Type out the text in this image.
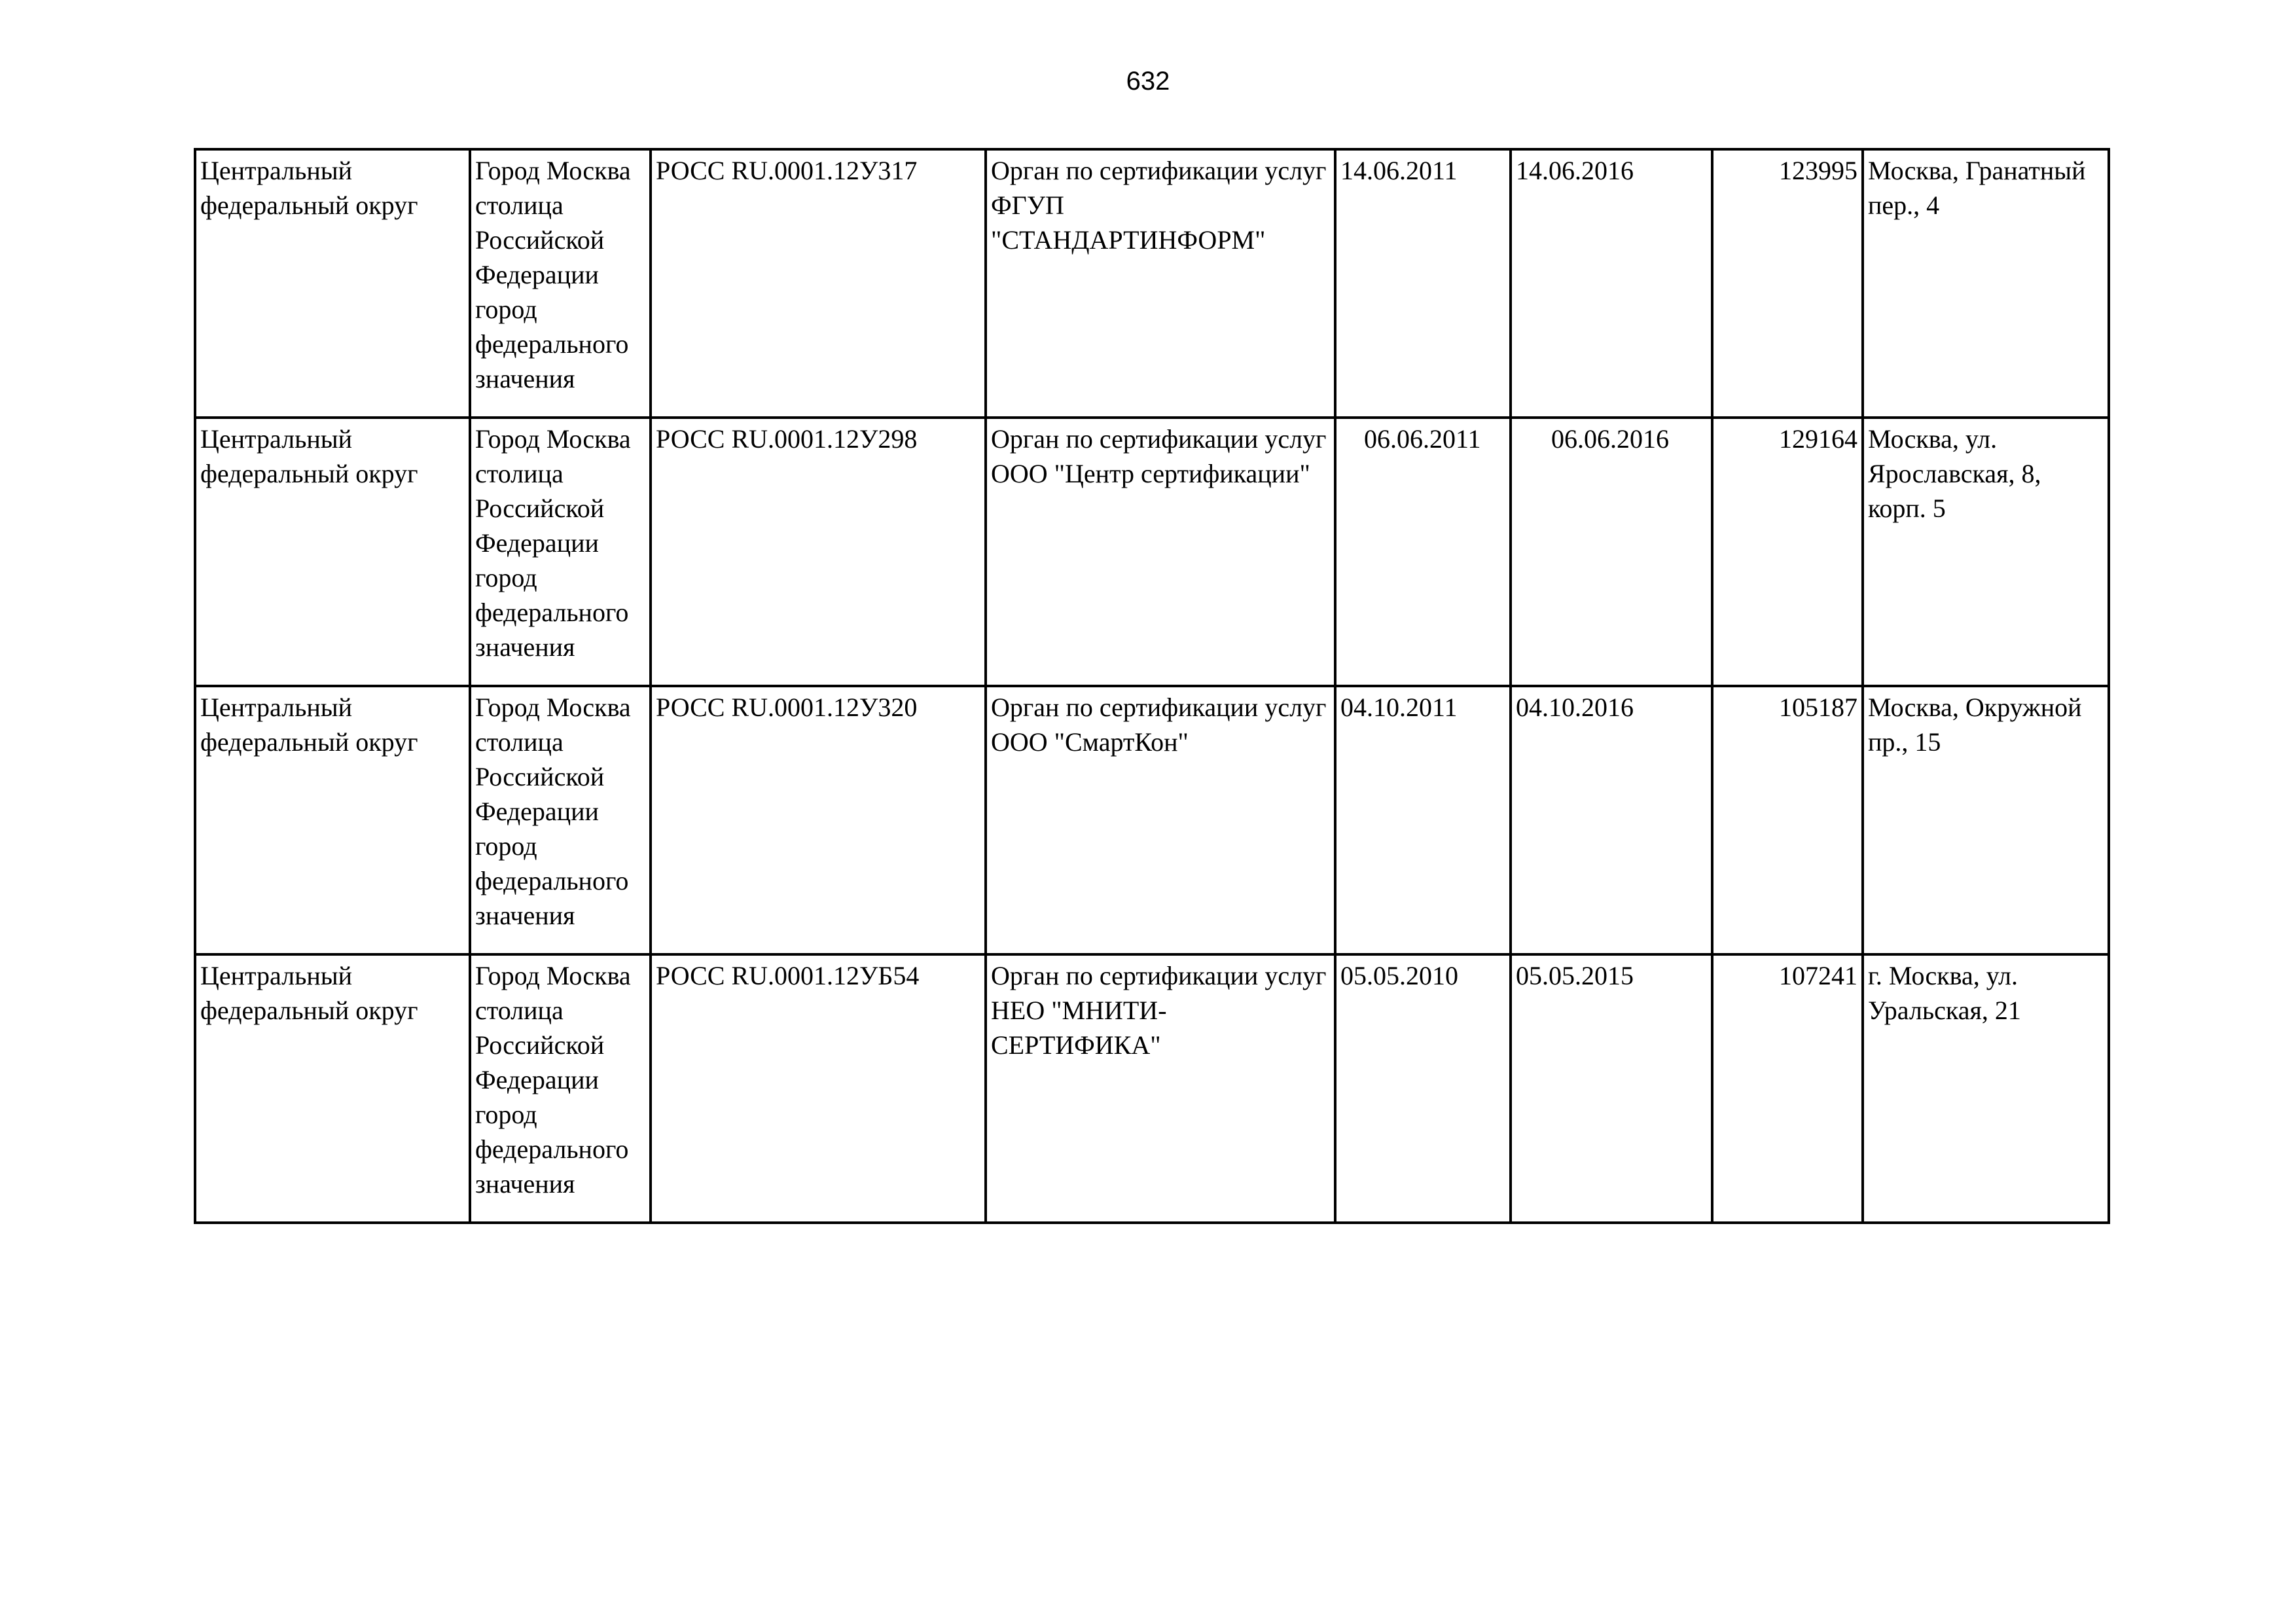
632
Центральный федеральный округ	Город Москва столица Российской Федерации город федерального значения	РОСС RU.0001.12У317	Орган по сертификации услуг ФГУП "СТАНДАРТИНФОРМ"	14.06.2011	14.06.2016	123995	Москва, Гранатный пер., 4

Центральный федеральный округ	Город Москва столица Российской Федерации город федерального значения	РОСС RU.0001.12У298	Орган по сертификации услуг ООО "Центр сертификации"	06.06.2011	06.06.2016	129164	Москва, ул. Ярославская, 8, корп. 5

Центральный федеральный округ	Город Москва столица Российской Федерации город федерального значения	РОСС RU.0001.12У320	Орган по сертификации услуг ООО "СмартКон"	04.10.2011	04.10.2016	105187	Москва, Окружной пр., 15

Центральный федеральный округ	Город Москва столица Российской Федерации город федерального значения	РОСС RU.0001.12УБ54	Орган по сертификации услуг НЕО "МНИТИ-СЕРТИФИКА"	05.05.2010	05.05.2015	107241	г. Москва, ул. Уральская, 21
